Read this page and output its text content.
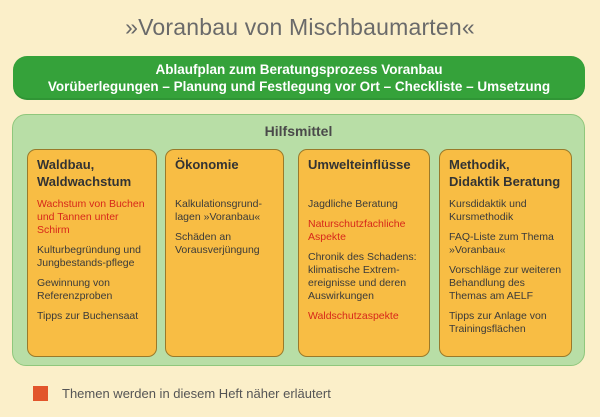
»Voranbau von Mischbaumarten«
Ablaufplan zum Beratungsprozess Voranbau
Vorüberlegungen – Planung und Festlegung vor Ort – Checkliste – Umsetzung
Hilfsmittel
Waldbau, Waldwachstum
Wachstum von Buchen und Tannen unter Schirm
Kulturbegründung und Jungbestands-pflege
Gewinnung von Referenzproben
Tipps zur Buchensaat
Ökonomie
Kalkulationsgrund-lagen »Voranbau«
Schäden an Vorausverjüngung
Umwelteinflüsse
Jagdliche Beratung
Naturschutzfachliche Aspekte
Chronik des Schadens: klimatische Extrem-ereignisse und deren Auswirkungen
Waldschutzaspekte
Methodik, Didaktik Beratung
Kursdidaktik und Kursmethodik
FAQ-Liste zum Thema »Voranbau«
Vorschläge zur weiteren Behandlung des Themas am AELF
Tipps zur Anlage von Trainingsflächen
Themen werden in diesem Heft näher erläutert
